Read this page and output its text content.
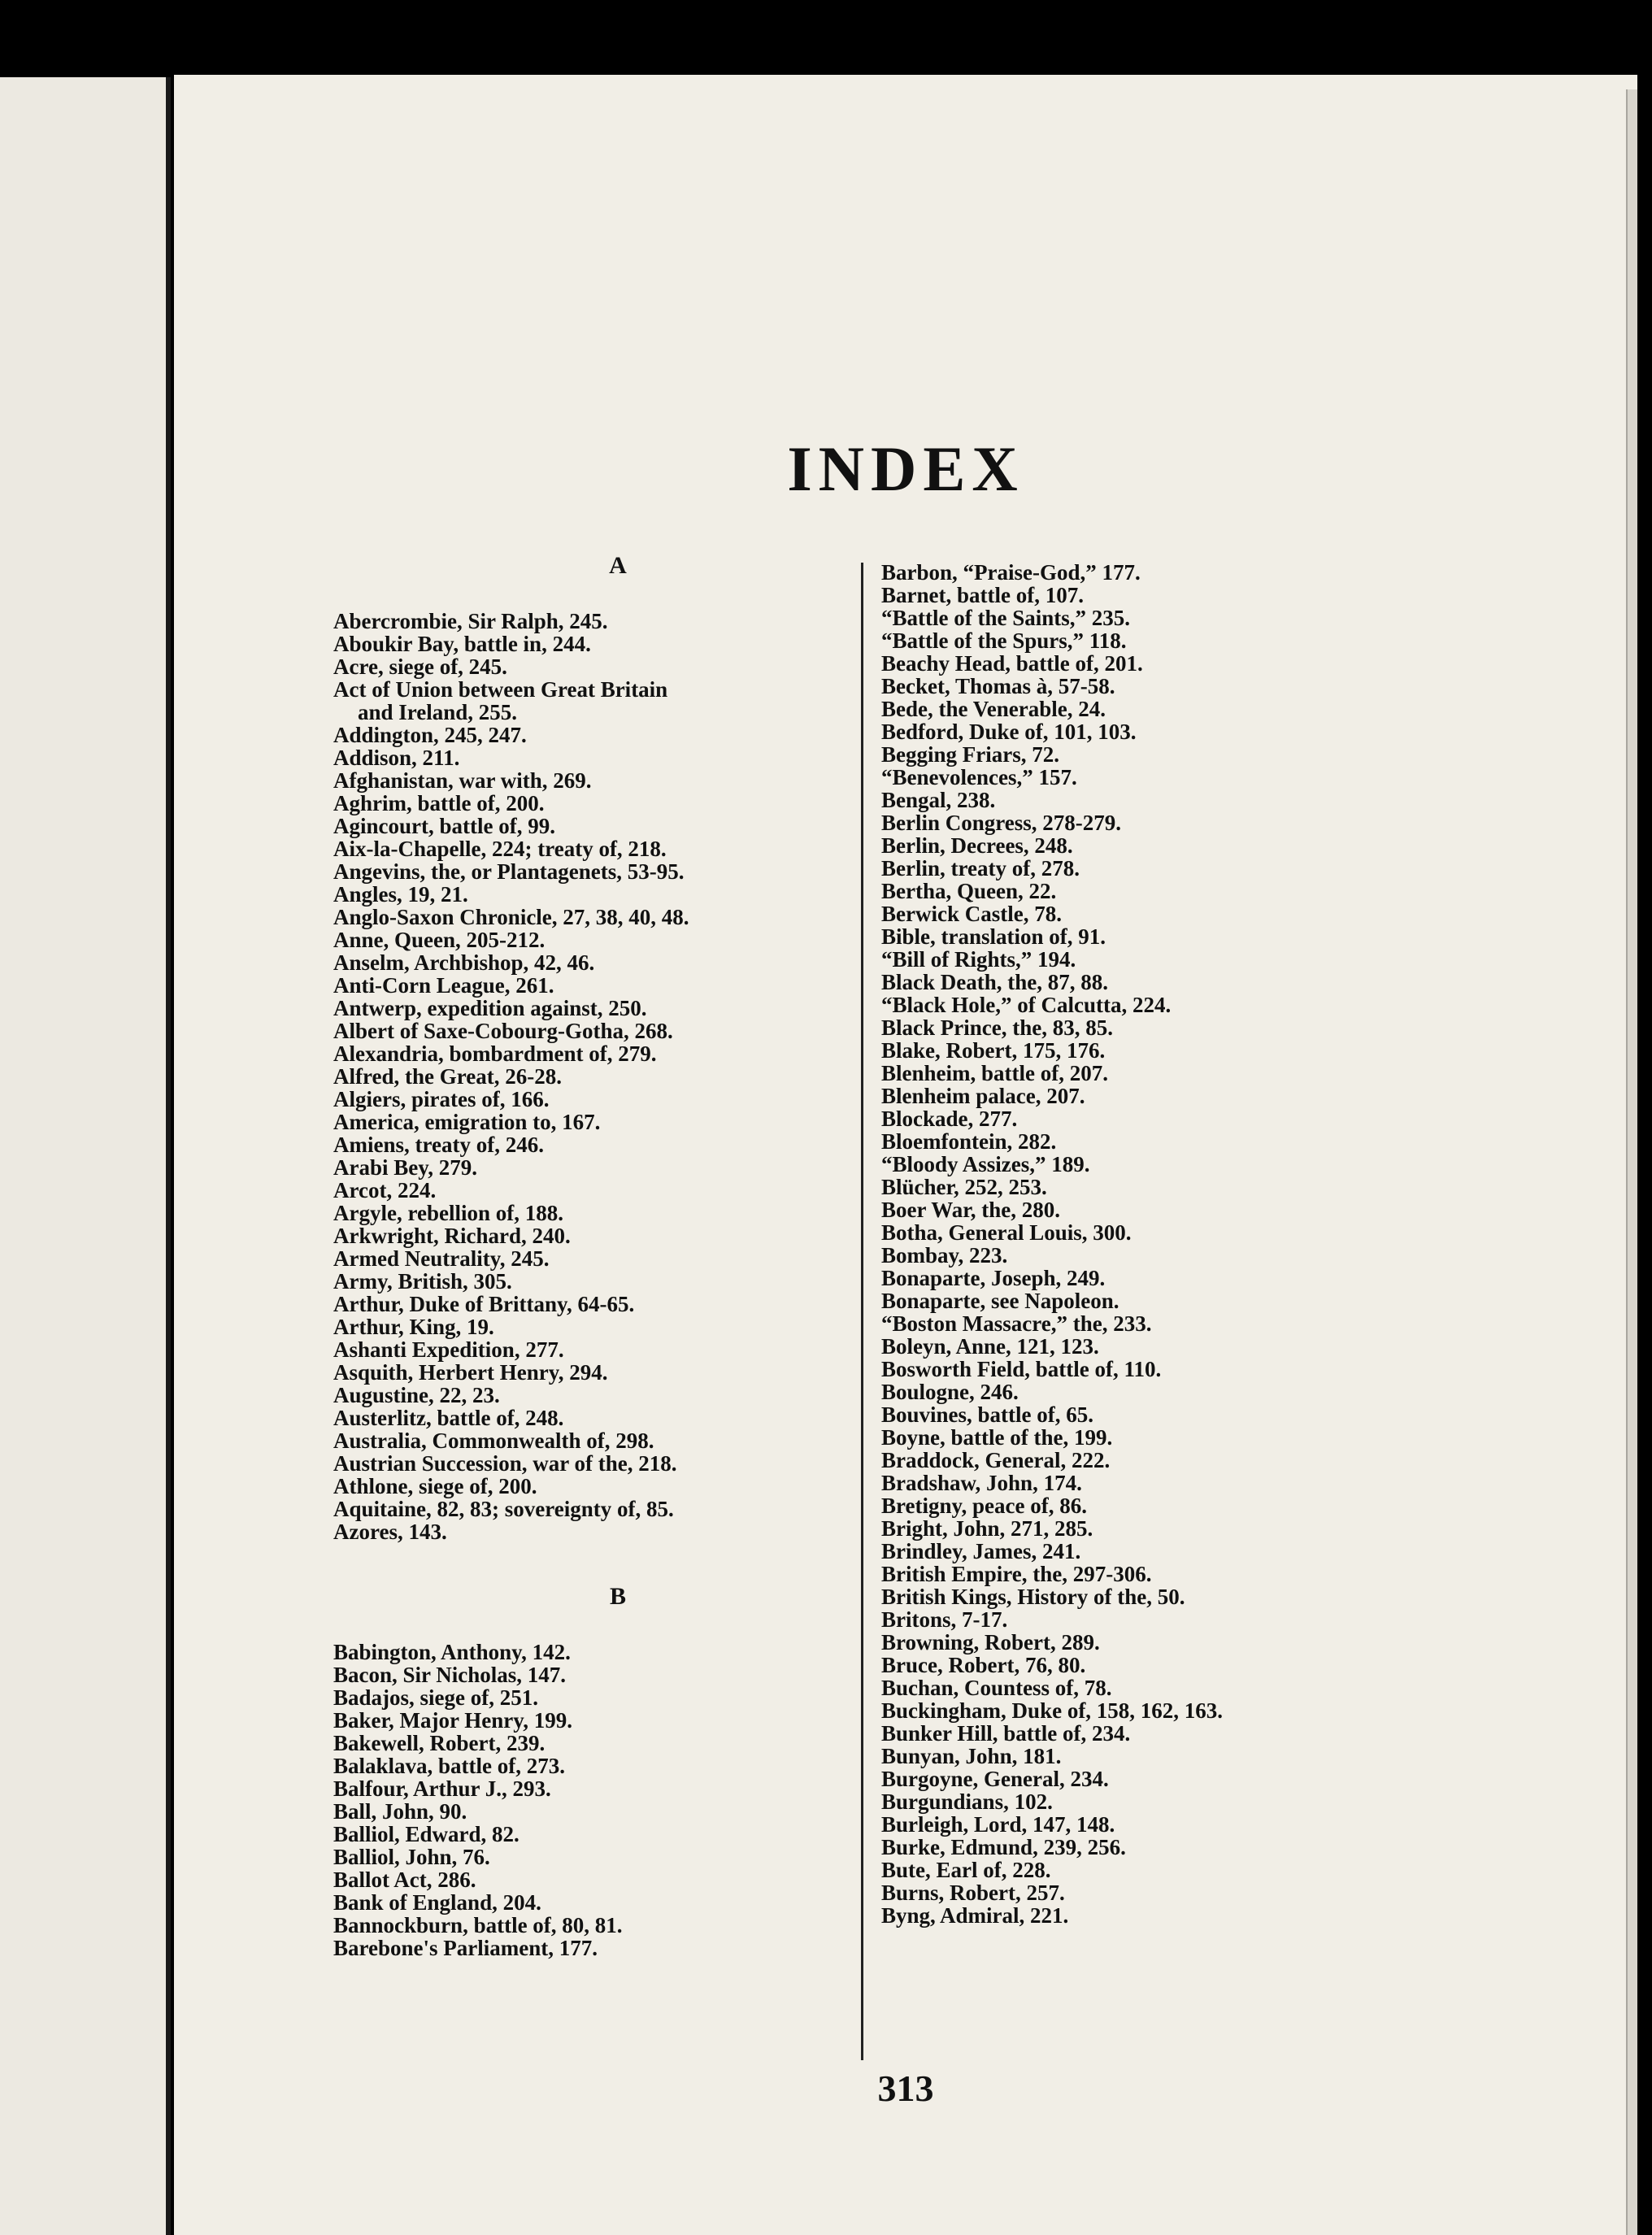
INDEX

A

Abercrombie, Sir Ralph, 245.

Aboukir Bay, battle in, 244.

Acre, siege of, 245.

Act of Union between Great Britain

and Ireland, 255.

Addington, 245, 247.

Addison, 211.

Afghanistan, war with, 269.

Aghrim, battle of, 200.

Agincourt, battle of, 99.

Aix-la-Chapelle, 224; treaty of, 218.

Angevins, the, or Plantagenets, 53-95.

Angles, 19, 21.

Anglo-Saxon Chronicle, 27, 38, 40, 48.

Anne, Queen, 205-212.

Anselm, Archbishop, 42, 46.

Anti-Corn League, 261.

Antwerp, expedition against, 250.

Albert of Saxe-Cobourg-Gotha, 268.

Alexandria, bombardment of, 279.

Alfred, the Great, 26-28.

Algiers, pirates of, 166.

America, emigration to, 167.

Amiens, treaty of, 246.

Arabi Bey, 279.

Arcot, 224.

Argyle, rebellion of, 188.

Arkwright, Richard, 240.

Armed Neutrality, 245.

Army, British, 305.

Arthur, Duke of Brittany, 64-65.

Arthur, King, 19.

Ashanti Expedition, 277.

Asquith, Herbert Henry, 294.

Augustine, 22, 23.

Austerlitz, battle of, 248.

Australia, Commonwealth of, 298.

Austrian Succession, war of the, 218.

Athlone, siege of, 200.

Aquitaine, 82, 83; sovereignty of, 85.

Azores, 143.

B

Babington, Anthony, 142.

Bacon, Sir Nicholas, 147.

Badajos, siege of, 251.

Baker, Major Henry, 199.

Bakewell, Robert, 239.

Balaklava, battle of, 273.

Balfour, Arthur J., 293.

Ball, John, 90.

Balliol, Edward, 82.

Balliol, John, 76.

Ballot Act, 286.

Bank of England, 204.

Bannockburn, battle of, 80, 81.

Barebone's Parliament, 177.

Barbon, “Praise-God,” 177.

Barnet, battle of, 107.

“Battle of the Saints,” 235.

“Battle of the Spurs,” 118.

Beachy Head, battle of, 201.

Becket, Thomas à, 57-58.

Bede, the Venerable, 24.

Bedford, Duke of, 101, 103.

Begging Friars, 72.

“Benevolences,” 157.

Bengal, 238.

Berlin Congress, 278-279.

Berlin, Decrees, 248.

Berlin, treaty of, 278.

Bertha, Queen, 22.

Berwick Castle, 78.

Bible, translation of, 91.

“Bill of Rights,” 194.

Black Death, the, 87, 88.

“Black Hole,” of Calcutta, 224.

Black Prince, the, 83, 85.

Blake, Robert, 175, 176.

Blenheim, battle of, 207.

Blenheim palace, 207.

Blockade, 277.

Bloemfontein, 282.

“Bloody Assizes,” 189.

Blücher, 252, 253.

Boer War, the, 280.

Botha, General Louis, 300.

Bombay, 223.

Bonaparte, Joseph, 249.

Bonaparte, see Napoleon.

“Boston Massacre,” the, 233.

Boleyn, Anne, 121, 123.

Bosworth Field, battle of, 110.

Boulogne, 246.

Bouvines, battle of, 65.

Boyne, battle of the, 199.

Braddock, General, 222.

Bradshaw, John, 174.

Bretigny, peace of, 86.

Bright, John, 271, 285.

Brindley, James, 241.

British Empire, the, 297-306.

British Kings, History of the, 50.

Britons, 7-17.

Browning, Robert, 289.

Bruce, Robert, 76, 80.

Buchan, Countess of, 78.

Buckingham, Duke of, 158, 162, 163.

Bunker Hill, battle of, 234.

Bunyan, John, 181.

Burgoyne, General, 234.

Burgundians, 102.

Burleigh, Lord, 147, 148.

Burke, Edmund, 239, 256.

Bute, Earl of, 228.

Burns, Robert, 257.

Byng, Admiral, 221.

313
